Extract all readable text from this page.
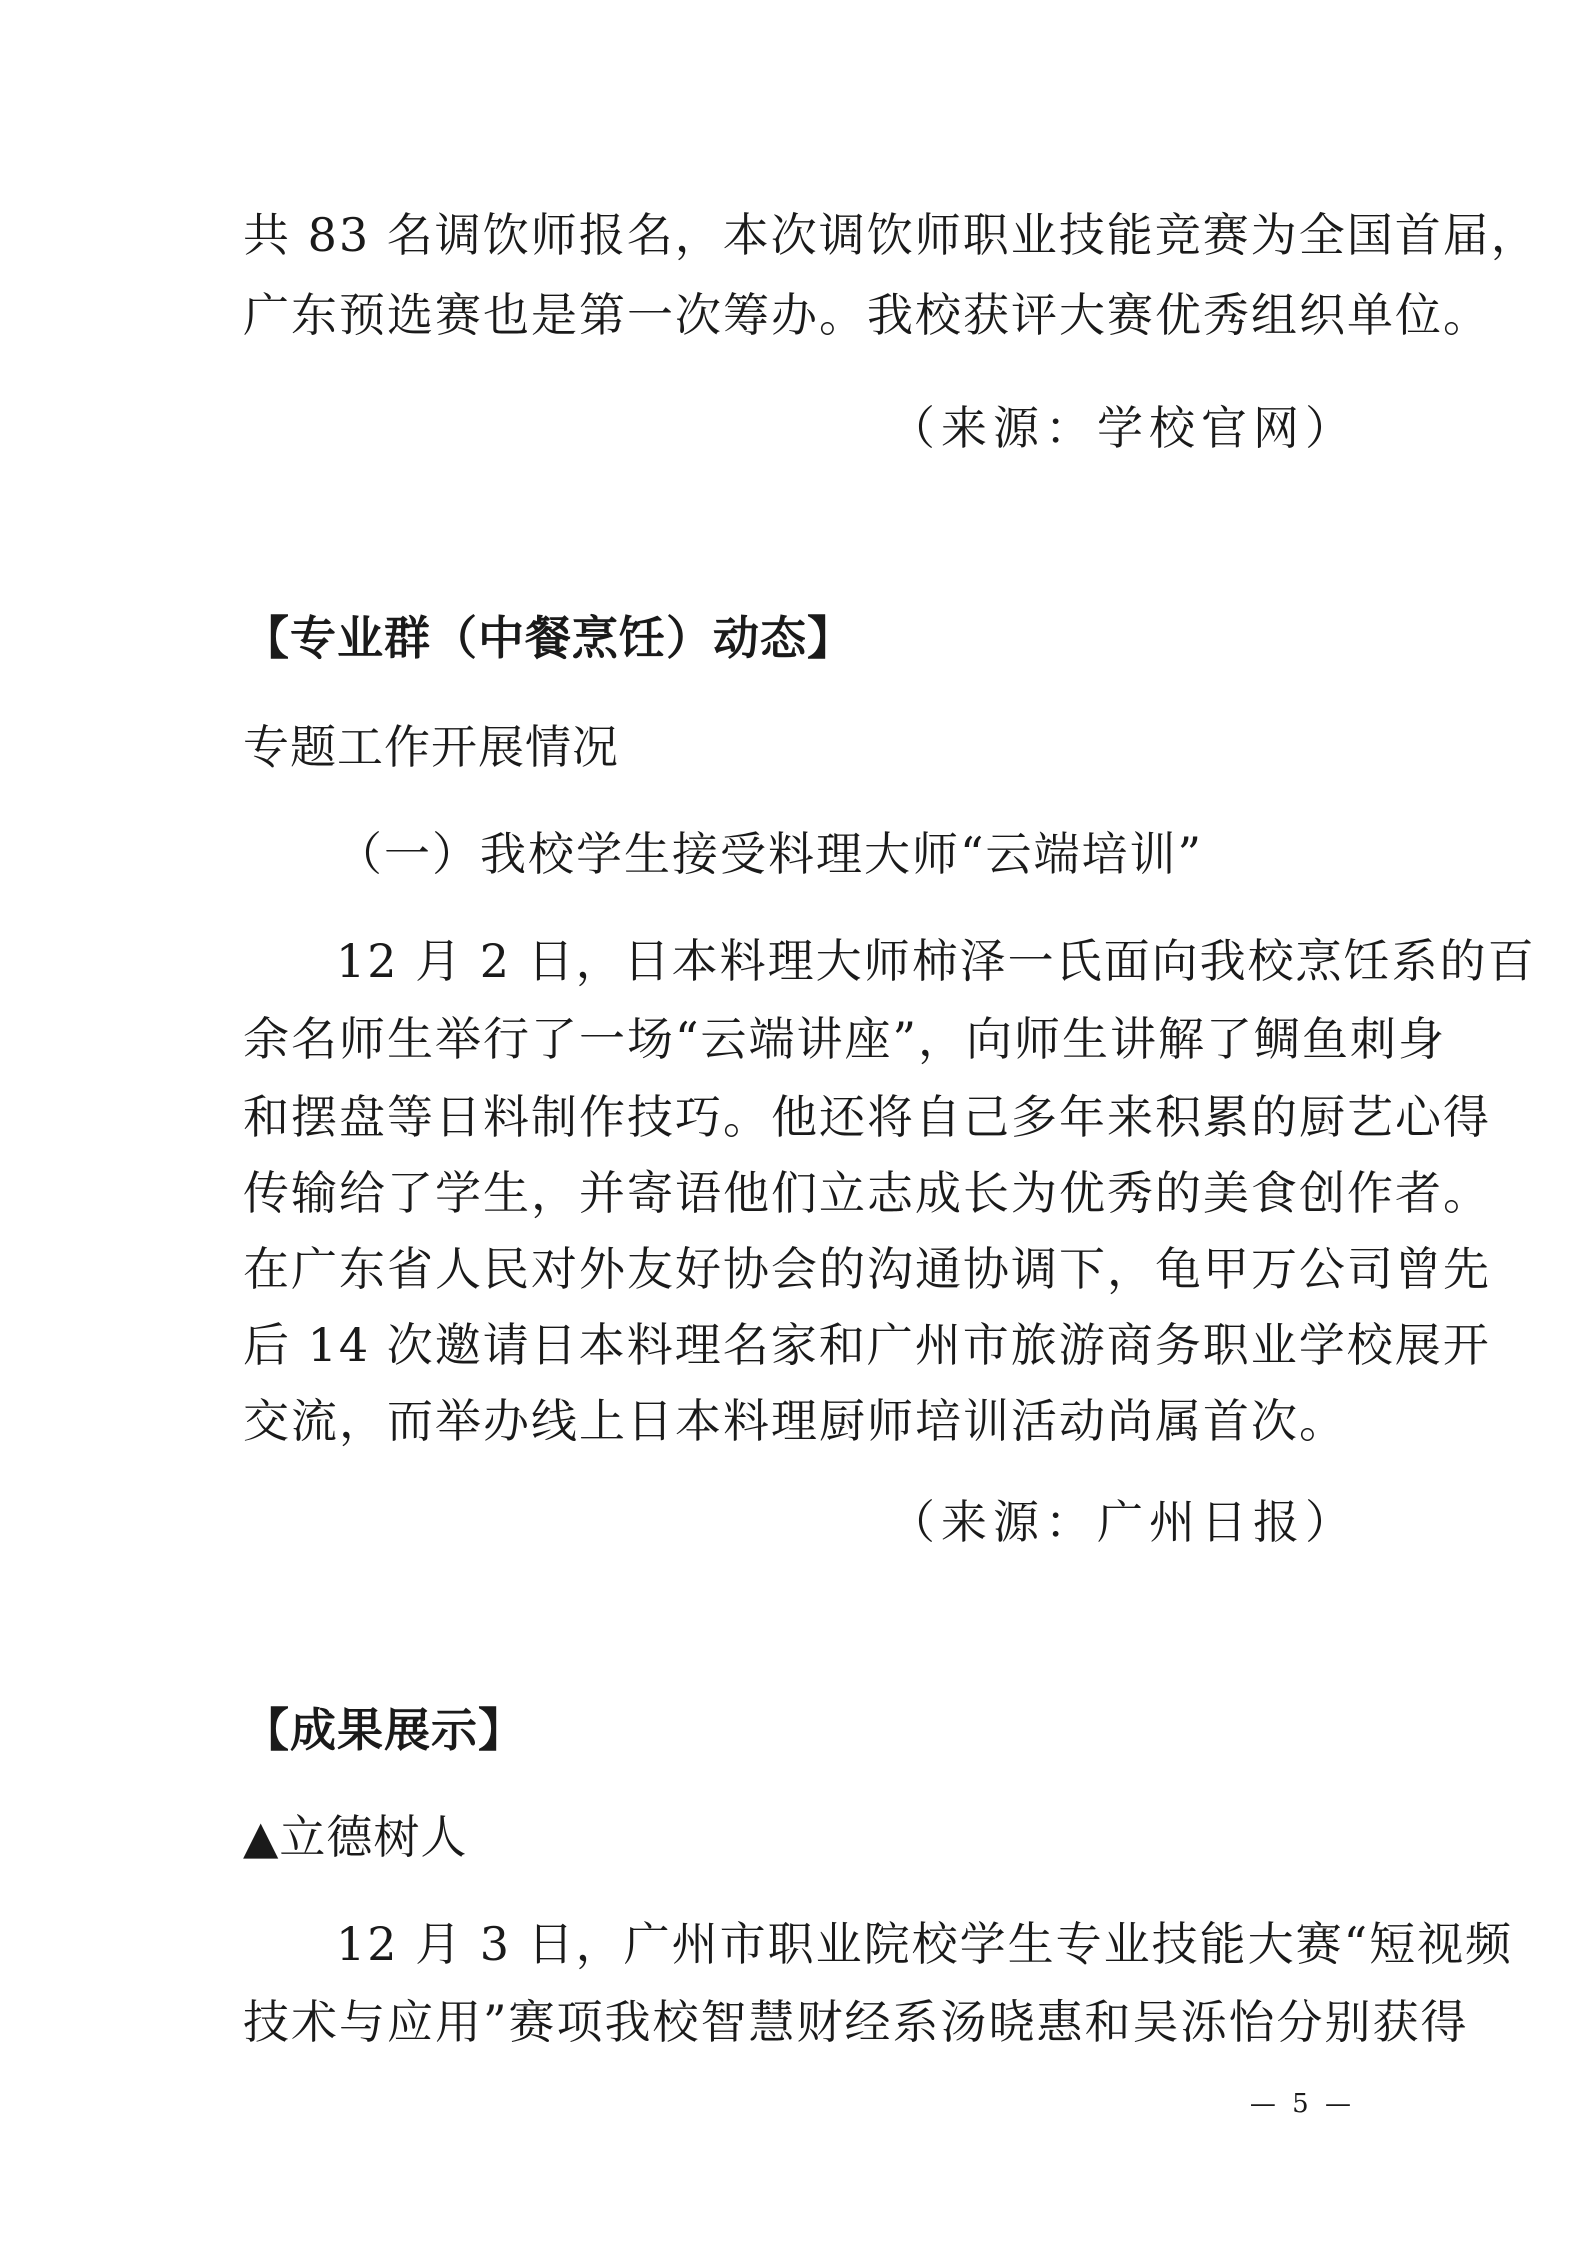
共 83 名调饮师报名，本次调饮师职业技能竞赛为全国首届，
广东预选赛也是第一次筹办。我校获评大赛优秀组织单位。
（来源：学校官网）
【专业群（中餐烹饪）动态】
专题工作开展情况
（一）我校学生接受料理大师“云端培训”
12 月 2 日，日本料理大师柿泽一氏面向我校烹饪系的百
余名师生举行了一场“云端讲座”，向师生讲解了鲷鱼刺身
和摆盘等日料制作技巧。他还将自己多年来积累的厨艺心得
传输给了学生，并寄语他们立志成长为优秀的美食创作者。
在广东省人民对外友好协会的沟通协调下，龟甲万公司曾先
后 14 次邀请日本料理名家和广州市旅游商务职业学校展开
交流，而举办线上日本料理厨师培训活动尚属首次。
（来源：广州日报）
【成果展示】
▲立德树人
12 月 3 日，广州市职业院校学生专业技能大赛“短视频
技术与应用”赛项我校智慧财经系汤晓惠和吴泺怡分别获得
— 5 —
